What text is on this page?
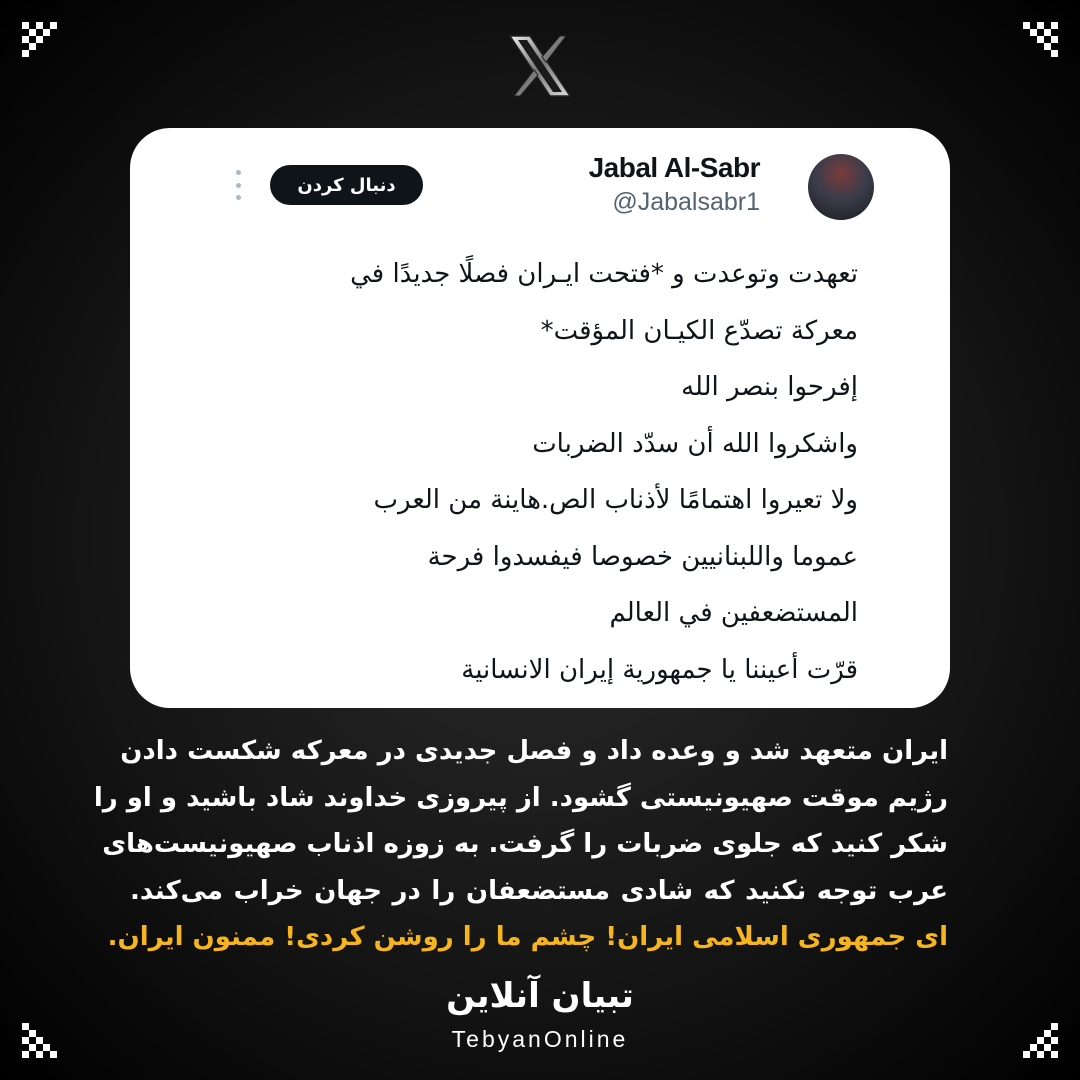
Jabal Al-Sabr
@Jabalsabr1
دنبال کردن
تعهدت وتوعدت و *فتحت ايـران فصلًا جديدًا في
معركة تصدّع الكيـان المؤقت*
إفرحوا بنصر الله
واشكروا الله أن سدّد الضربات
ولا تعيروا اهتمامًا لأذناب الص.هاينة من العرب
عموما واللبنانيين خصوصا فيفسدوا فرحة
المستضعفين في العالم
قرّت أعيننا يا جمهورية إيران الانسانية
ایران متعهد شد و وعده داد و فصل جدیدی در معرکه شکست دادن
رژیم موقت صهیونیستی گشود. از پیروزی خداوند شاد باشید و او را
شکر کنید که جلوی ضربات را گرفت. به زوزه اذناب صهیونیست‌های
عرب توجه نکنید که شادی مستضعفان را در جهان خراب می‌کند.
ای جمهوری اسلامی ایران! چشم ما را روشن کردی! ممنون ایران.
تبیان آنلاین
TebyanOnline
